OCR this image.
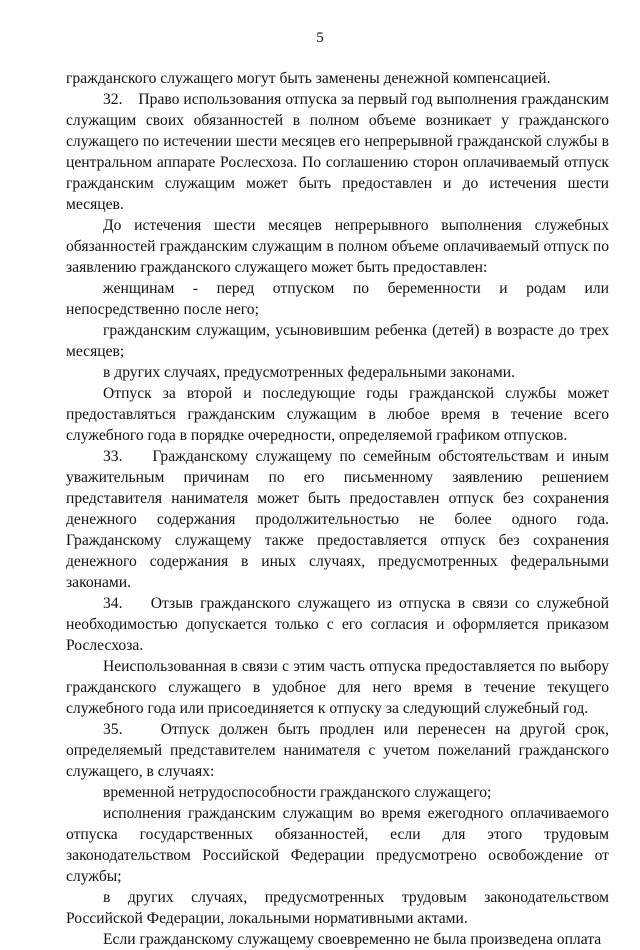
5

гражданского служащего могут быть заменены денежной компенсацией.

32.    Право использования отпуска за первый год выполнения гражданским служащим своих обязанностей в полном объеме возникает у гражданского служащего по истечении шести месяцев его непрерывной гражданской службы в центральном аппарате Рослесхоза. По соглашению сторон оплачиваемый отпуск гражданским служащим может быть предоставлен и до истечения шести месяцев.

До истечения шести месяцев непрерывного выполнения служебных обязанностей гражданским служащим в полном объеме оплачиваемый отпуск по заявлению гражданского служащего может быть предоставлен:

женщинам - перед отпуском по беременности и родам или непосредственно после него;

гражданским служащим, усыновившим ребенка (детей) в возрасте до трех месяцев;

в других случаях, предусмотренных федеральными законами.

Отпуск за второй и последующие годы гражданской службы может предоставляться гражданским служащим в любое время в течение всего служебного года в порядке очередности, определяемой графиком отпусков.

33.    Гражданскому служащему по семейным обстоятельствам и иным уважительным причинам по его письменному заявлению решением представителя нанимателя может быть предоставлен отпуск без сохранения денежного содержания продолжительностью не более одного года. Гражданскому служащему также предоставляется отпуск без сохранения денежного содержания в иных случаях, предусмотренных федеральными законами.

34.    Отзыв гражданского служащего из отпуска в связи со служебной необходимостью допускается только с его согласия и оформляется приказом Рослесхоза.

Неиспользованная в связи с этим часть отпуска предоставляется по выбору гражданского служащего в удобное для него время в течение текущего служебного года или присоединяется к отпуску за следующий служебный год.

35.    Отпуск должен быть продлен или перенесен на другой срок, определяемый представителем нанимателя с учетом пожеланий гражданского служащего, в случаях:

временной нетрудоспособности гражданского служащего;

исполнения гражданским служащим во время ежегодного оплачиваемого отпуска государственных обязанностей, если для этого трудовым законодательством Российской Федерации предусмотрено освобождение от службы;

в других случаях, предусмотренных трудовым законодательством Российской Федерации, локальными нормативными актами.

Если гражданскому служащему своевременно не была произведена оплата
